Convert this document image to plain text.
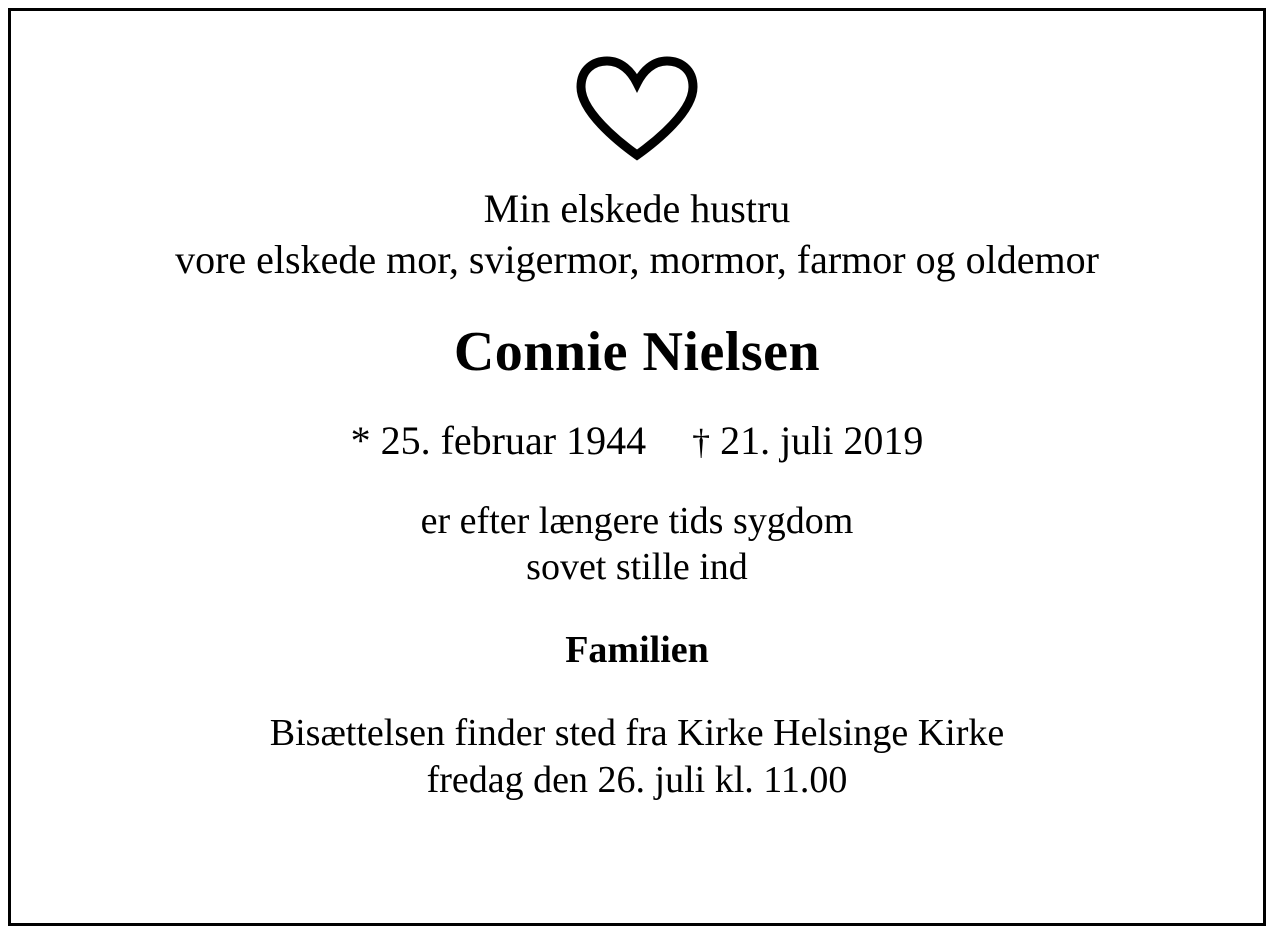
Min elskede hustru
vore elskede mor, svigermor, mormor, farmor og oldemor
Connie Nielsen
* 25. februar 1944 † 21. juli 2019
er efter længere tids sygdom
sovet stille ind
Familien
Bisættelsen finder sted fra Kirke Helsinge Kirke
fredag den 26. juli kl. 11.00
